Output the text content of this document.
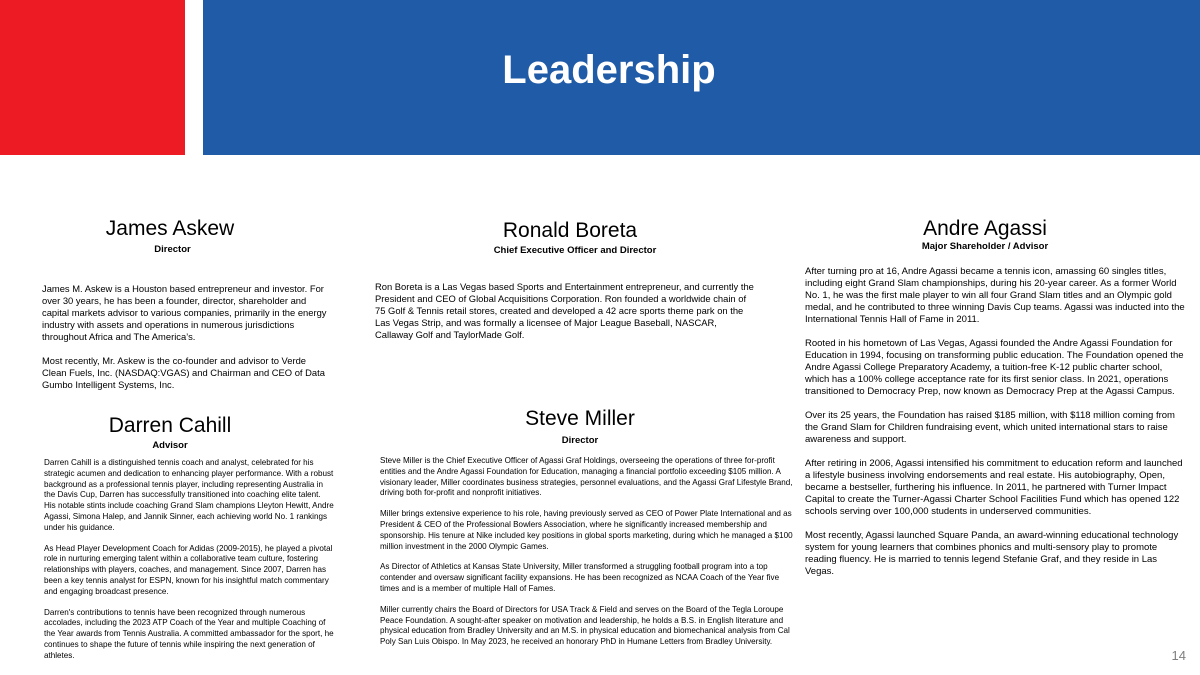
Leadership
James Askew
Director

James M. Askew is a Houston based entrepreneur and investor. For over 30 years, he has been a founder, director, shareholder and capital markets advisor to various companies, primarily in the energy industry with assets and operations in numerous jurisdictions throughout Africa and The America’s.

Most recently, Mr. Askew is the co-founder and advisor to Verde Clean Fuels, Inc. (NASDAQ:VGAS) and Chairman and CEO of Data Gumbo Intelligent Systems, Inc.

Ronald Boreta
Chief Executive Officer and Director

Ron Boreta is a Las Vegas based Sports and Entertainment entrepreneur, and currently the President and CEO of Global Acquisitions Corporation. Ron founded a worldwide chain of 75 Golf & Tennis retail stores, created and developed a 42 acre sports theme park on the Las Vegas Strip, and was formally a licensee of Major League Baseball, NASCAR, Callaway Golf and TaylorMade Golf.

Andre Agassi
Major Shareholder / Advisor

After turning pro at 16, Andre Agassi became a tennis icon, amassing 60 singles titles, including eight Grand Slam championships, during his 20-year career. As a former World No. 1, he was the first male player to win all four Grand Slam titles and an Olympic gold medal, and he contributed to three winning Davis Cup teams. Agassi was inducted into the International Tennis Hall of Fame in 2011.

Rooted in his hometown of Las Vegas, Agassi founded the Andre Agassi Foundation for Education in 1994, focusing on transforming public education. The Foundation opened the Andre Agassi College Preparatory Academy, a tuition-free K-12 public charter school, which has a 100% college acceptance rate for its first senior class. In 2021, operations transitioned to Democracy Prep, now known as Democracy Prep at the Agassi Campus.

Over its 25 years, the Foundation has raised $185 million, with $118 million coming from the Grand Slam for Children fundraising event, which united international stars to raise awareness and support.

After retiring in 2006, Agassi intensified his commitment to education reform and launched a lifestyle business involving endorsements and real estate. His autobiography, Open, became a bestseller, furthering his influence. In 2011, he partnered with Turner Impact Capital to create the Turner-Agassi Charter School Facilities Fund which has opened 122 schools serving over 100,000 students in underserved communities.

Most recently, Agassi launched Square Panda, an award-winning educational technology system for young learners that combines phonics and multi-sensory play to promote reading fluency. He is married to tennis legend Stefanie Graf, and they reside in Las Vegas.

Darren Cahill
Advisor

Darren Cahill is a distinguished tennis coach and analyst, celebrated for his strategic acumen and dedication to enhancing player performance. With a robust background as a professional tennis player, including representing Australia in the Davis Cup, Darren has successfully transitioned into coaching elite talent. His notable stints include coaching Grand Slam champions Lleyton Hewitt, Andre Agassi, Simona Halep, and Jannik Sinner, each achieving world No. 1 rankings under his guidance.

As Head Player Development Coach for Adidas (2009-2015), he played a pivotal role in nurturing emerging talent within a collaborative team culture, fostering relationships with players, coaches, and management. Since 2007, Darren has been a key tennis analyst for ESPN, known for his insightful match commentary and engaging broadcast presence.

Darren's contributions to tennis have been recognized through numerous accolades, including the 2023 ATP Coach of the Year and multiple Coaching of the Year awards from Tennis Australia. A committed ambassador for the sport, he continues to shape the future of tennis while inspiring the next generation of athletes.

Steve Miller
Director

Steve Miller is the Chief Executive Officer of Agassi Graf Holdings, overseeing the operations of three for-profit entities and the Andre Agassi Foundation for Education, managing a financial portfolio exceeding $105 million. A visionary leader, Miller coordinates business strategies, personnel evaluations, and the Agassi Graf Lifestyle Brand, driving both for-profit and nonprofit initiatives.

Miller brings extensive experience to his role, having previously served as CEO of Power Plate International and as President & CEO of the Professional Bowlers Association, where he significantly increased membership and sponsorship. His tenure at Nike included key positions in global sports marketing, during which he managed a $100 million investment in the 2000 Olympic Games.

As Director of Athletics at Kansas State University, Miller transformed a struggling football program into a top contender and oversaw significant facility expansions. He has been recognized as NCAA Coach of the Year five times and is a member of multiple Hall of Fames.

Miller currently chairs the Board of Directors for USA Track & Field and serves on the Board of the Tegla Loroupe Peace Foundation. A sought-after speaker on motivation and leadership, he holds a B.S. in English literature and physical education from Bradley University and an M.S. in physical education and biomechanical analysis from Cal Poly San Luis Obispo. In May 2023, he received an honorary PhD in Humane Letters from Bradley University.

14
